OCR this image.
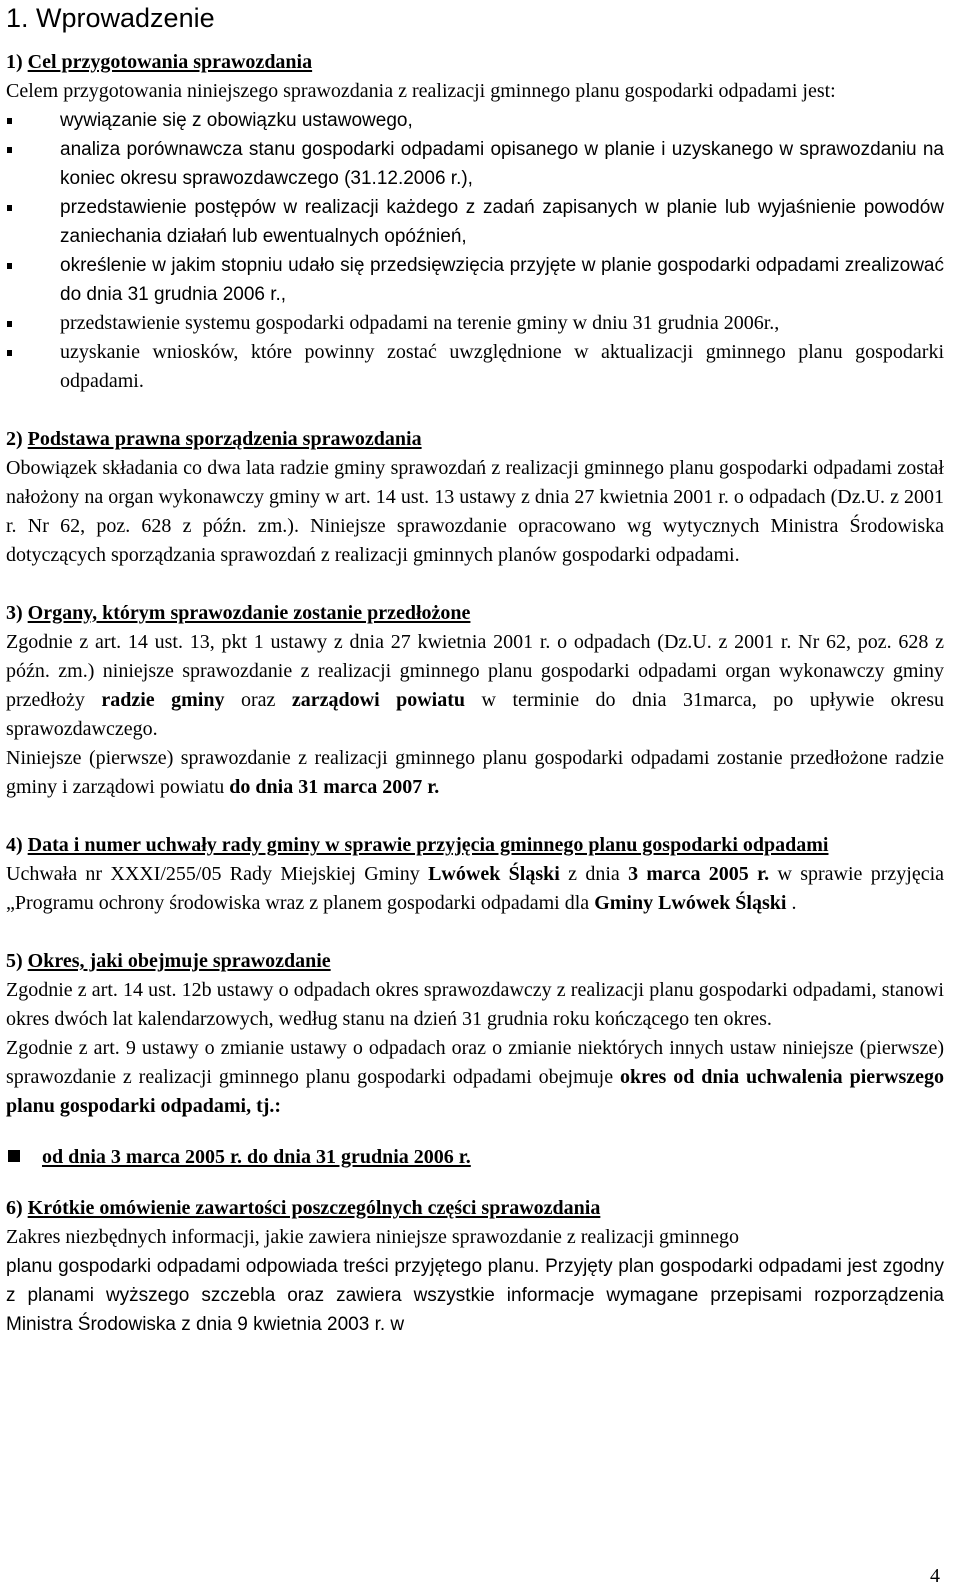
1. Wprowadzenie
1) Cel przygotowania sprawozdania

Celem przygotowania niniejszego sprawozdania z realizacji gminnego planu gospodarki odpadami jest:

wywiązanie się z obowiązku ustawowego,
analiza porównawcza stanu gospodarki odpadami opisanego w planie i uzyskanego w sprawozdaniu na koniec okresu sprawozdawczego (31.12.2006 r.),
przedstawienie postępów w realizacji każdego z zadań zapisanych w planie lub wyjaśnienie powodów zaniechania działań lub ewentualnych opóźnień,
określenie w jakim stopniu udało się przedsięwzięcia przyjęte w planie gospodarki odpadami zrealizować do dnia 31 grudnia 2006 r.,
przedstawienie systemu gospodarki odpadami na terenie gminy w dniu 31 grudnia 2006r.,
uzyskanie wniosków, które powinny zostać uwzględnione w aktualizacji gminnego planu gospodarki odpadami.
2) Podstawa prawna sporządzenia sprawozdania

Obowiązek składania co dwa lata radzie gminy sprawozdań z realizacji gminnego planu gospodarki odpadami został nałożony na organ wykonawczy gminy w art. 14 ust. 13 ustawy z dnia 27 kwietnia 2001 r. o odpadach (Dz.U. z 2001 r. Nr 62, poz. 628 z późn. zm.). Niniejsze sprawozdanie opracowano wg wytycznych Ministra Środowiska dotyczących sporządzania sprawozdań z realizacji gminnych planów gospodarki odpadami.

3) Organy, którym sprawozdanie zostanie przedłożone

Zgodnie z art. 14 ust. 13, pkt 1 ustawy z dnia 27 kwietnia 2001 r. o odpadach (Dz.U. z 2001 r. Nr 62, poz. 628 z późn. zm.) niniejsze sprawozdanie z realizacji gminnego planu gospodarki odpadami organ wykonawczy gminy przedłoży radzie gminy oraz zarządowi powiatu w terminie do dnia 31marca, po upływie okresu sprawozdawczego.

Niniejsze (pierwsze) sprawozdanie z realizacji gminnego planu gospodarki odpadami zostanie przedłożone radzie gminy i zarządowi powiatu do dnia 31 marca 2007 r.

4) Data i numer uchwały rady gminy w sprawie przyjęcia gminnego planu gospodarki odpadami

Uchwała nr XXXI/255/05 Rady Miejskiej Gminy Lwówek Śląski z dnia 3 marca 2005 r. w sprawie przyjęcia „Programu ochrony środowiska wraz z planem gospodarki odpadami dla Gminy Lwówek Śląski .

5) Okres, jaki obejmuje sprawozdanie

Zgodnie z art. 14 ust. 12b ustawy o odpadach okres sprawozdawczy z realizacji planu gospodarki odpadami, stanowi okres dwóch lat kalendarzowych, według stanu na dzień 31 grudnia roku kończącego ten okres.

Zgodnie z art. 9 ustawy o zmianie ustawy o odpadach oraz o zmianie niektórych innych ustaw niniejsze (pierwsze) sprawozdanie z realizacji gminnego planu gospodarki odpadami obejmuje okres od dnia uchwalenia pierwszego planu gospodarki odpadami, tj.:

od dnia 3 marca 2005 r. do dnia 31 grudnia 2006 r.
6) Krótkie omówienie zawartości poszczególnych części sprawozdania

Zakres niezbędnych informacji, jakie zawiera niniejsze sprawozdanie z realizacji gminnego

planu gospodarki odpadami odpowiada treści przyjętego planu. Przyjęty plan gospodarki odpadami jest zgodny z planami wyższego szczebla oraz zawiera wszystkie informacje wymagane przepisami rozporządzenia Ministra Środowiska z dnia 9 kwietnia 2003 r. w

4
